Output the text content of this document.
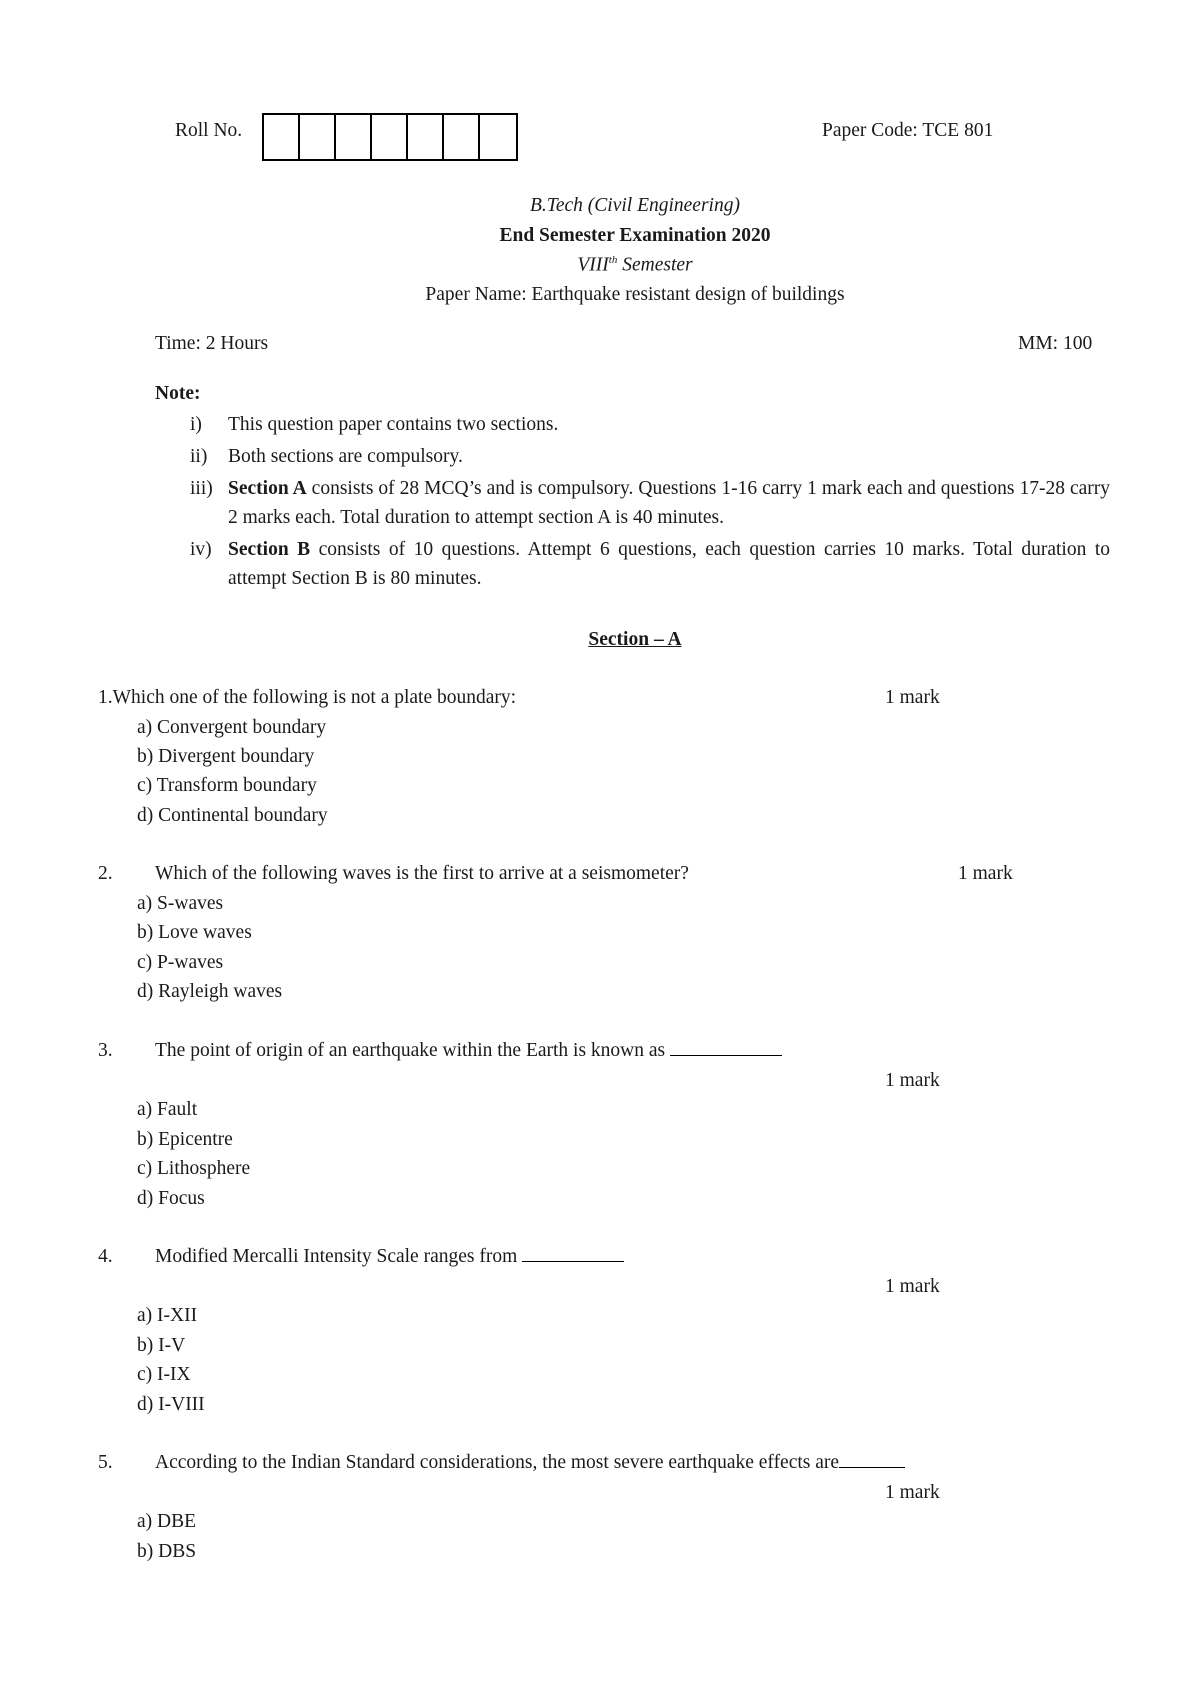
Roll No.	Paper Code: TCE 801
B.Tech (Civil Engineering)
End Semester Examination 2020
VIIIth Semester
Paper Name: Earthquake resistant design of buildings
Time: 2 Hours	MM: 100
Note:
i) This question paper contains two sections.
ii) Both sections are compulsory.
iii) Section A consists of 28 MCQ’s and is compulsory. Questions 1-16 carry 1 mark each and questions 17-28 carry 2 marks each. Total duration to attempt section A is 40 minutes.
iv) Section B consists of 10 questions. Attempt 6 questions, each question carries 10 marks. Total duration to attempt Section B is 80 minutes.
Section – A
1.Which one of the following is not a plate boundary:	1 mark
a) Convergent boundary
b) Divergent boundary
c) Transform boundary
d) Continental boundary
2. Which of the following waves is the first to arrive at a seismometer?	1 mark
a) S-waves
b) Love waves
c) P-waves
d) Rayleigh waves
3. The point of origin of an earthquake within the Earth is known as
1 mark
a) Fault
b) Epicentre
c) Lithosphere
d) Focus
4. Modified Mercalli Intensity Scale ranges from
1 mark
a) I-XII
b) I-V
c) I-IX
d) I-VIII
5. According to the Indian Standard considerations, the most severe earthquake effects are
1 mark
a) DBE
b) DBS
